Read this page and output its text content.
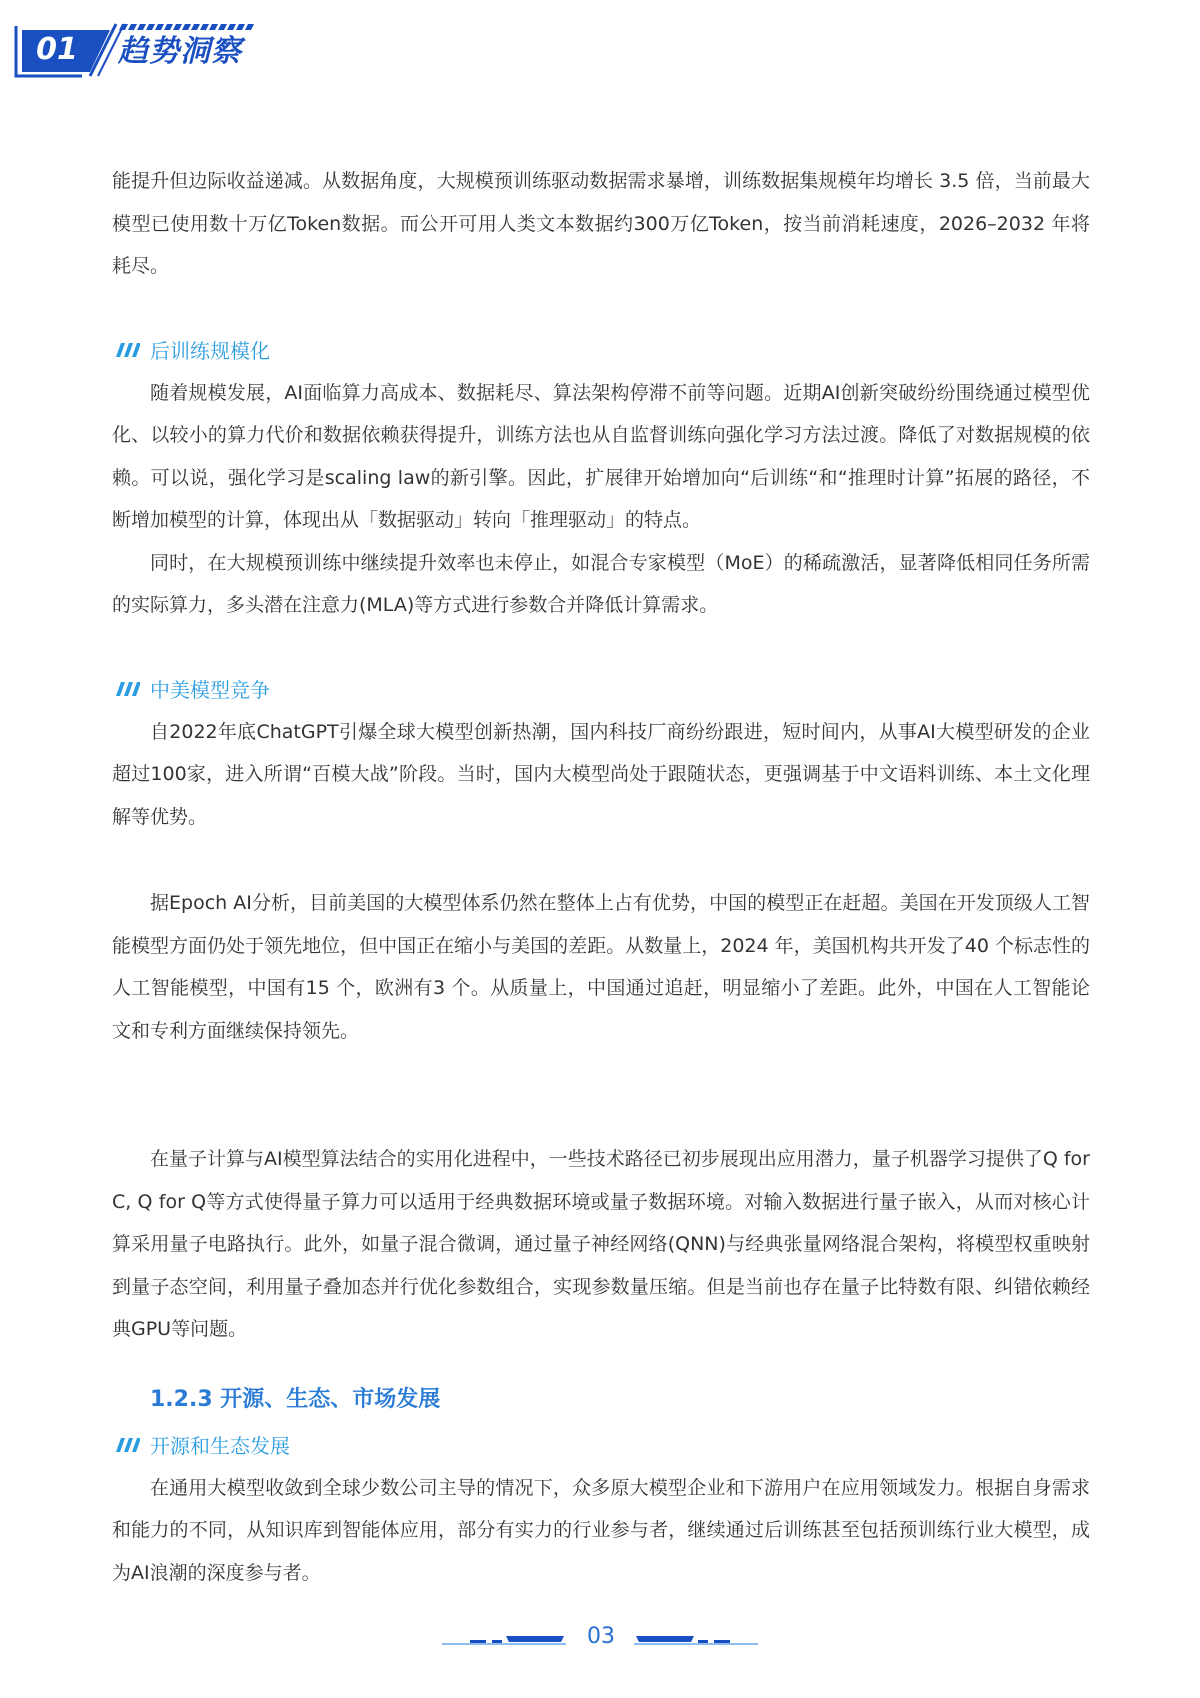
01	趋势洞察

能提升但边际收益递减。从数据角度，大规模预训练驱动数据需求暴增，训练数据集规模年均增长 3.5 倍，当前最大模型已使用数十万亿Token数据。而公开可用人类文本数据约300万亿Token，按当前消耗速度，2026–2032 年将耗尽。

后训练规模化

随着规模发展，AI面临算力高成本、数据耗尽、算法架构停滞不前等问题。近期AI创新突破纷纷围绕通过模型优化、以较小的算力代价和数据依赖获得提升，训练方法也从自监督训练向强化学习方法过渡。降低了对数据规模的依赖。可以说，强化学习是scaling law的新引擎。因此，扩展律开始增加向“后训练“和“推理时计算”拓展的路径，不断增加模型的计算，体现出从「数据驱动」转向「推理驱动」的特点。

同时，在大规模预训练中继续提升效率也未停止，如混合专家模型（MoE）的稀疏激活，显著降低相同任务所需的实际算力，多头潜在注意力(MLA)等方式进行参数合并降低计算需求。

中美模型竞争

自2022年底ChatGPT引爆全球大模型创新热潮，国内科技厂商纷纷跟进，短时间内，从事AI大模型研发的企业超过100家，进入所谓“百模大战”阶段。当时，国内大模型尚处于跟随状态，更强调基于中文语料训练、本土文化理解等优势。

据Epoch AI分析，目前美国的大模型体系仍然在整体上占有优势，中国的模型正在赶超。美国在开发顶级人工智能模型方面仍处于领先地位，但中国正在缩小与美国的差距。从数量上，2024 年，美国机构共开发了40 个标志性的人工智能模型，中国有15 个，欧洲有3 个。从质量上，中国通过追赶，明显缩小了差距。此外，中国在人工智能论文和专利方面继续保持领先。

在量子计算与AI模型算法结合的实用化进程中，一些技术路径已初步展现出应用潜力，量子机器学习提供了Q for C, Q for Q等方式使得量子算力可以适用于经典数据环境或量子数据环境。对输入数据进行量子嵌入，从而对核心计算采用量子电路执行。此外，如量子混合微调，通过量子神经网络(QNN)与经典张量网络混合架构，将模型权重映射到量子态空间，利用量子叠加态并行优化参数组合，实现参数量压缩。但是当前也存在量子比特数有限、纠错依赖经典GPU等问题。

1.2.3 开源、生态、市场发展
开源和生态发展

在通用大模型收敛到全球少数公司主导的情况下，众多原大模型企业和下游用户在应用领域发力。根据自身需求和能力的不同，从知识库到智能体应用，部分有实力的行业参与者，继续通过后训练甚至包括预训练行业大模型，成为AI浪潮的深度参与者。

03
